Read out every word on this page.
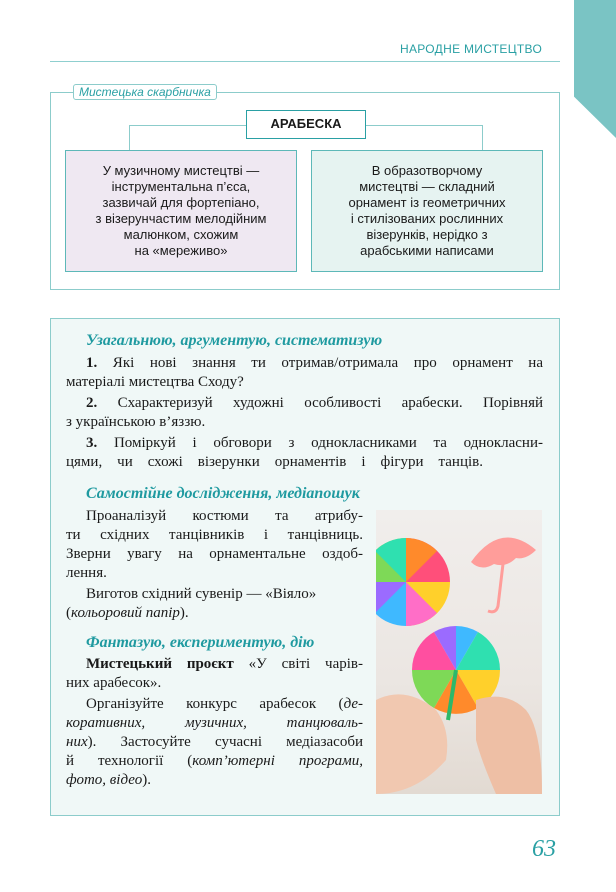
НАРОДНЕ МИСТЕЦТВО
Мистецька скарбничка
АРАБЕСКА
У музичному мистецтві —
інструментальна п’єса,
зазвичай для фортепіано,
з візерунчастим мелодійним
малюнком, схожим
на «мереживо»
В образотворчому
мистецтві — складний
орнамент із геометричних
і стилізованих рослинних
візерунків, нерідко з
арабськими написами
Узагальнюю, аргументую, систематизую
1. Які нові знання ти отримав/отримала про орнамент на
матеріалі мистецтва Сходу?
2. Схарактеризуй художні особливості арабески. Порівняй
з українською в’яззю.
3. Поміркуй і обговори з однокласниками та однокласни-
цями, чи схожі візерунки орнаментів і фігури танців.
Самостійне дослідження, медіапошук
Проаналізуй костюми та атрибу-
ти східних танцівників і танцівниць.
Зверни увагу на орнаментальне оздоб-
лення.
Виготов східний сувенір — «Віяло»
(кольоровий папір).
Фантазую, експериментую, дію
Мистецький проєкт «У світі чарів-
них арабесок».
Організуйте конкурс арабесок (де-
коративних, музичних, танцюваль-
них). Застосуйте сучасні медіазасоби
й технології (комп’ютерні програми,
фото, відео).
63
